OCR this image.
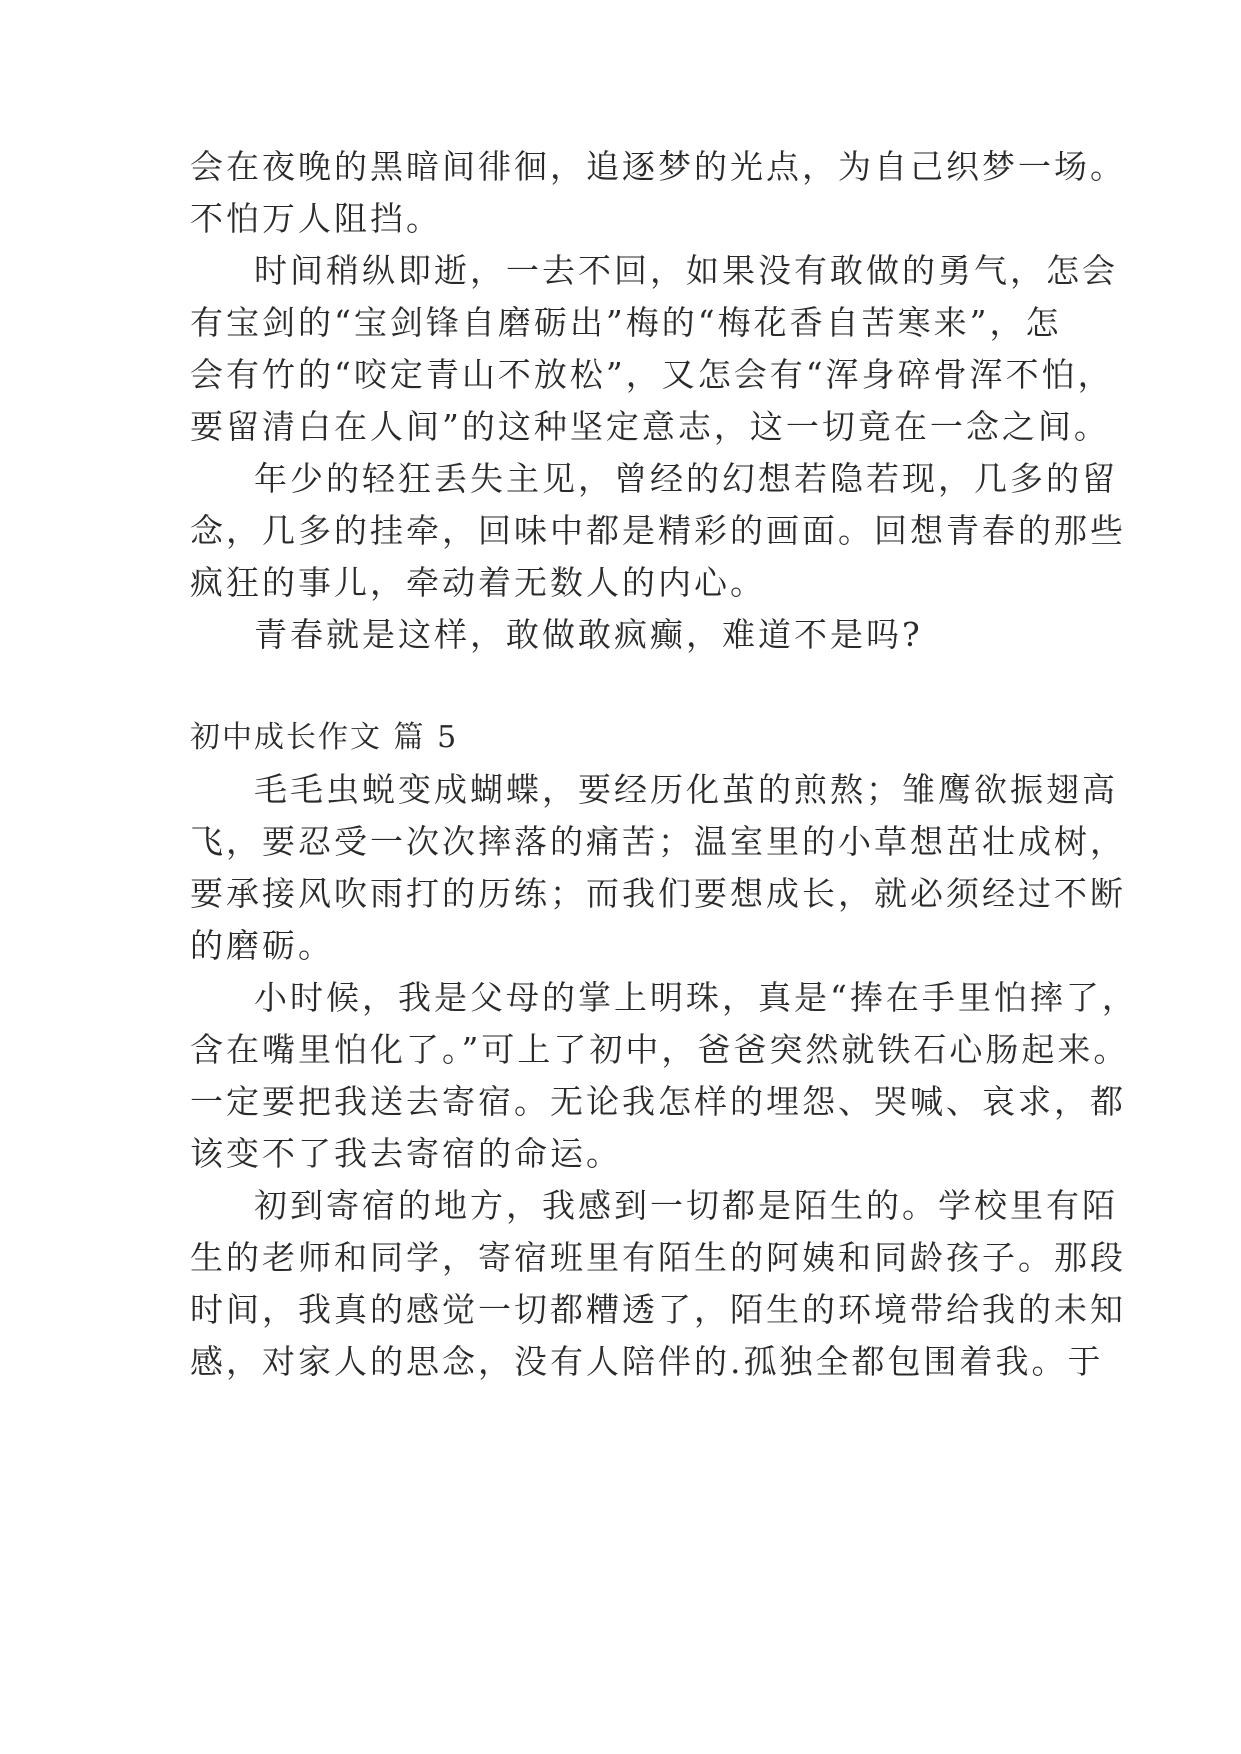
会在夜晚的黑暗间徘徊，追逐梦的光点，为自己织梦一场。
不怕万人阻挡。
时间稍纵即逝，一去不回，如果没有敢做的勇气，怎会
有宝剑的“宝剑锋自磨砺出”梅的“梅花香自苦寒来”，怎
会有竹的“咬定青山不放松”，又怎会有“浑身碎骨浑不怕，
要留清白在人间”的这种坚定意志，这一切竟在一念之间。
年少的轻狂丢失主见，曾经的幻想若隐若现，几多的留
念，几多的挂牵，回味中都是精彩的画面。回想青春的那些
疯狂的事儿，牵动着无数人的内心。
青春就是这样，敢做敢疯癫，难道不是吗?
初中成长作文 篇 5
毛毛虫蜕变成蝴蝶，要经历化茧的煎熬；雏鹰欲振翅高
飞，要忍受一次次摔落的痛苦；温室里的小草想茁壮成树，
要承接风吹雨打的历练；而我们要想成长，就必须经过不断
的磨砺。
小时候，我是父母的掌上明珠，真是“捧在手里怕摔了，
含在嘴里怕化了。”可上了初中，爸爸突然就铁石心肠起来。
一定要把我送去寄宿。无论我怎样的埋怨、哭喊、哀求，都
该变不了我去寄宿的命运。
初到寄宿的地方，我感到一切都是陌生的。学校里有陌
生的老师和同学，寄宿班里有陌生的阿姨和同龄孩子。那段
时间，我真的感觉一切都糟透了，陌生的环境带给我的未知
感，对家人的思念，没有人陪伴的.孤独全都包围着我。于
